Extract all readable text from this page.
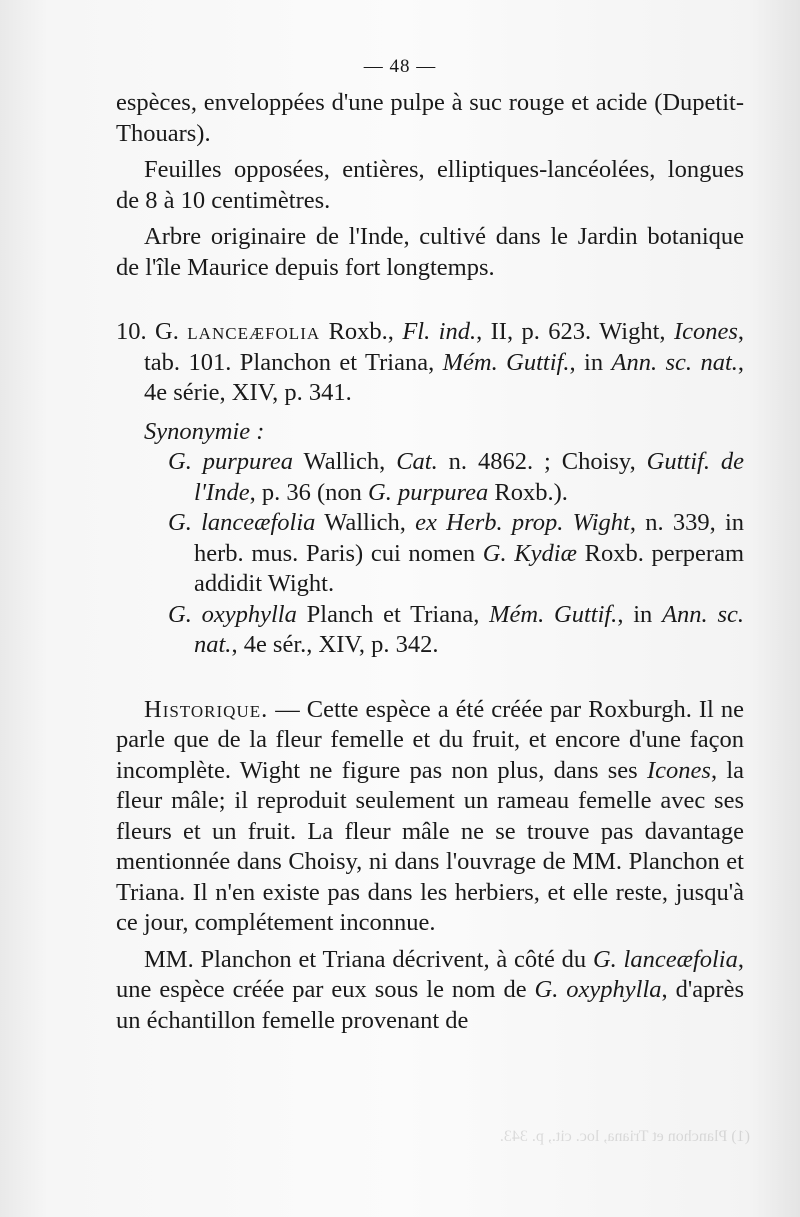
— 48 —

espèces, enveloppées d'une pulpe à suc rouge et acide (Dupetit-Thouars).

Feuilles opposées, entières, elliptiques-lancéolées, longues de 8 à 10 centimètres.

Arbre originaire de l'Inde, cultivé dans le Jardin botanique de l'île Maurice depuis fort longtemps.

10. G. lanceæfolia Roxb., Fl. ind., II, p. 623. Wight, Icones, tab. 101. Planchon et Triana, Mém. Guttif., in Ann. sc. nat., 4e série, XIV, p. 341.

Synonymie :

G. purpurea Wallich, Cat. n. 4862. ; Choisy, Guttif. de l'Inde, p. 36 (non G. purpurea Roxb.).

G. lanceæfolia Wallich, ex Herb. prop. Wight, n. 339, in herb. mus. Paris) cui nomen G. Kydiæ Roxb. perperam addidit Wight.

G. oxyphylla Planch et Triana, Mém. Guttif., in Ann. sc. nat., 4e sér., XIV, p. 342.

Historique. — Cette espèce a été créée par Roxburgh. Il ne parle que de la fleur femelle et du fruit, et encore d'une façon incomplète. Wight ne figure pas non plus, dans ses Icones, la fleur mâle; il reproduit seulement un rameau femelle avec ses fleurs et un fruit. La fleur mâle ne se trouve pas davantage mentionnée dans Choisy, ni dans l'ouvrage de MM. Planchon et Triana. Il n'en existe pas dans les herbiers, et elle reste, jusqu'à ce jour, complétement inconnue.

MM. Planchon et Triana décrivent, à côté du G. lanceæfolia, une espèce créée par eux sous le nom de G. oxyphylla, d'après un échantillon femelle provenant de

(1) Planchon et Triana, loc. cit., p. 343.
